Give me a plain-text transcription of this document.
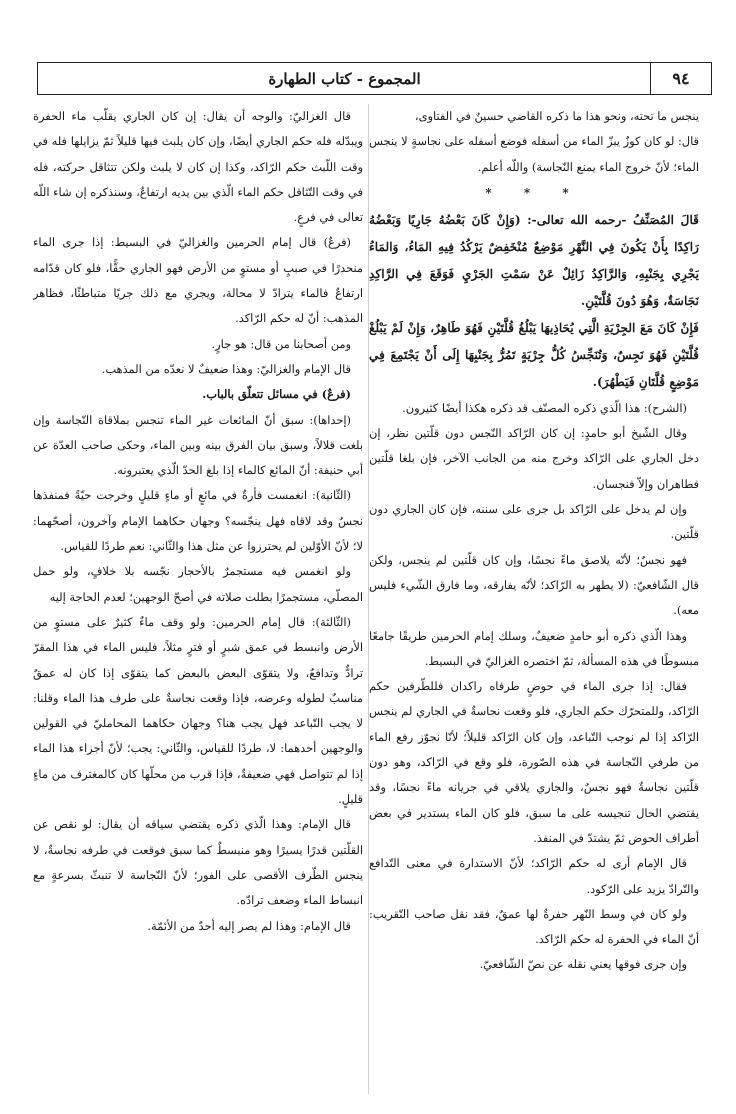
٩٤
المجموع - كتاب الطهارة

ينجس ما تحته، ونحو هذا ما ذكره القاضي حسينٌ في الفتاوى،

قال: لو كان كوزٌ يبزّ الماء من أسفله فوضع أسفله على نجاسةٍ لا ينجس الماء؛ لأنّ خروج الماء يمنع النّجاسة) واللّه أعلم.

* * *

قَالَ المُصَنِّفُ -رحمه الله تعالى-: (وَإِنْ كَانَ بَعْضُهُ جَارِيًا وَبَعْضُهُ رَاكِدًا بِأَنْ يَكُونَ فِي النَّهْرِ مَوْضِعٌ مُنْخَفِضٌ يَرْكُدُ فِيهِ المَاءُ، وَالمَاءُ يَجْرِي بِجَنْبِهِ، وَالرَّاكِدُ زَائِلٌ عَنْ سَمْتِ الجَرْيِ فَوَقَعَ فِي الرَّاكِدِ نَجَاسَةٌ، وَهُوَ دُونَ قُلَّتَيْنِ.

فَإِنْ كَانَ مَعَ الجِرْيَةِ الَّتِي يُحَاذِيهَا يَبْلُغُ قُلَّتَيْنِ فَهُوَ طَاهِرٌ، وَإِنْ لَمْ يَبْلُغْ قُلَّتَيْنِ فَهُوَ نَجِسٌ، وَتُنَجِّسُ كُلُّ جِرْيَةٍ تَمُرُّ بِجَنْبِهَا إِلَى أَنْ يَجْتَمِعَ فِي مَوْضِعٍ قُلَّتَانِ فَيَطْهُرَ).

(الشرح): هذا الّذي ذكره المصنّف قد ذكره هكذا أيضًا كثيرون.

وقال الشّيخ أبو حامدٍ: إن كان الرّاكد النّجس دون قلّتين نظر، إن دخل الجاري على الرّاكد وخرج منه من الجانب الآخر، فإن بلغا قلّتين فطاهران وإلاّ فنجسان.

وإن لم يدخل على الرّاكد بل جرى على سننه، فإن كان الجاري دون قلّتين.

فهو نجسٌ؛ لأنّه يلاصق ماءً نجسًا، وإن كان قلّتين لم ينجس، ولكن قال الشّافعيّ: (لا يطهر به الرّاكد؛ لأنّه يفارقه، وما فارق الشّيء فليس معه).

وهذا الّذي ذكره أبو حامدٍ ضعيفٌ، وسلك إمام الحرمين طريقًا جامعًا مبسوطًا في هذه المسألة، ثمّ اختصره الغزاليّ في البسيط.

فقال: إذا جرى الماء في حوضٍ طرفاه راكدان فللطّرفين حكم الرّاكد، وللمتحرّك حكم الجاري، فلو وقعت نجاسةٌ في الجاري لم ينجس الرّاكد إذا لم نوجب التّباعد، وإن كان الرّاكد قليلاً؛ لأنّا نجوّز رفع الماء من طرفي النّجاسة في هذه الصّورة، فلو وقع في الرّاكد، وهو دون قلّتين نجاسةٌ فهو نجسٌ، والجاري يلاقي في جريانه ماءً نجسًا، وقد يقتضي الحال تنجيسه على ما سبق، فلو كان الماء يستدير في بعض أطراف الحوض ثمّ يشتدّ في المنفذ.

قال الإمام أرى له حكم الرّاكد؛ لأنّ الاستدارة في معنى التّدافع والتّرادّ يزيد على الرّكود.

ولو كان في وسط النّهر حفرةٌ لها عمقٌ، فقد نقل صاحب التّقريب: أنّ الماء في الحفرة له حكم الرّاكد.

وإن جرى فوقها يعني نقله عن نصّ الشّافعيّ.

قال الغزاليّ: والوجه أن يقال: إن كان الجاري يقلّب ماء الحفرة ويبدّله فله حكم الجاري أيضًا، وإن كان يلبث فيها قليلاً ثمّ يزايلها فله في وقت اللّبث حكم الرّاكد، وكذا إن كان لا يلبث ولكن تتثاقل حركته، فله في وقت التّثاقل حكم الماء الّذي بين يديه ارتفاعٌ، وسنذكره إن شاء اللّه تعالى في فرعٍ.

(فرعٌ) قال إمام الحرمين والغزاليّ في البسيط: إذا جرى الماء منحدرًا في صببٍ أو مستوٍ من الأرض فهو الجاري حقًّا، فلو كان قدّامه ارتفاعٌ فالماء يترادّ لا محالة، ويجري مع ذلك جريًا متباطئًا، فظاهر المذهب: أنّ له حكم الرّاكد.

ومن أصحابنا من قال: هو جارٍ.

قال الإمام والغزاليّ: وهذا ضعيفٌ لا نعدّه من المذهب.

(فرعٌ) في مسائل تتعلّق بالباب.

(إحداها): سبق أنّ المائعات غير الماء تنجس بملاقاة النّجاسة وإن بلغت قلالاً، وسبق بيان الفرق بينه وبين الماء، وحكى صاحب العدّة عن أبي حنيفة: أنّ المائع كالماء إذا بلغ الحدّ الّذي يعتبرونه.

(الثّانية): انغمست فأرةٌ في مائعٍ أو ماءٍ قليلٍ وخرجت حيّةً فمنفذها نجسٌ وقد لاقاه فهل ينجّسه؟ وجهان حكاهما الإمام وآخرون، أصحّهما: لا؛ لأنّ الأوّلين لم يحترزوا عن مثل هذا والثّاني: نعم طردًا للقياس.

ولو انغمس فيه مستجمرٌ بالأحجار نجّسه بلا خلافٍ، ولو حمل المصلّي، مستجمرًا بطلت صلاته في أصحّ الوجهين؛ لعدم الحاجة إليه

(الثّالثة): قال إمام الحرمين: ولو وقف ماءٌ كثيرٌ على مستوٍ من الأرض وانبسط في عمق شبرٍ أو فترٍ مثلاً، فليس الماء في هذا المقرّ ترادٌّ وتدافعٌ، ولا يتقوّى البعض بالبعض كما يتقوّى إذا كان له عمقٌ مناسبٌ لطوله وعرضه، فإذا وقعت نجاسةٌ على طرف هذا الماء وقلنا: لا يجب التّباعد فهل يجب هنا؟ وجهان حكاهما المحامليّ في القولين والوجهين أحدهما: لا، طردًا للقياس، والثّاني: يجب؛ لأنّ أجزاء هذا الماء إذا لم تتواصل فهي ضعيفةٌ، فإذا قرب من محلّها كان كالمغترف من ماءٍ قليلٍ.

قال الإمام: وهذا الّذي ذكره يقتضي سياقه أن يقال: لو نقص عن القلّتين قدرًا يسيرًا وهو منبسطٌ كما سبق فوقعت في طرفه نجاسةٌ، لا ينجس الطّرف الأقصى على الفور؛ لأنّ النّجاسة لا تنبثّ بسرعةٍ مع انبساط الماء وضعف ترادّه.

قال الإمام: وهذا لم يصر إليه أحدٌ من الأئمّة.
